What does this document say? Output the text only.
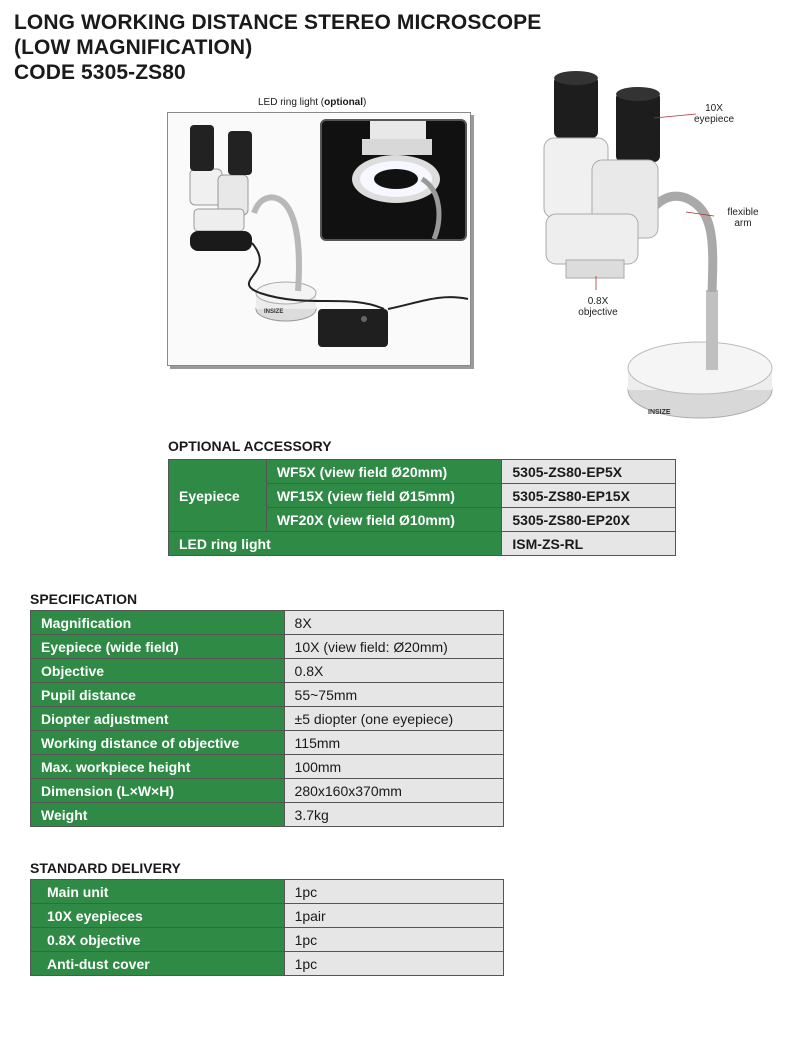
LONG WORKING DISTANCE STEREO MICROSCOPE
(LOW MAGNIFICATION)
CODE 5305-ZS80
LED ring light (optional)
INSIZE
INSIZE
10X
eyepiece
flexible
arm
0.8X
objective
OPTIONAL ACCESSORY
Eyepiece	WF5X (view field Ø20mm)	5305-ZS80-EP5X
	WF15X (view field Ø15mm)	5305-ZS80-EP15X
	WF20X (view field Ø10mm)	5305-ZS80-EP20X
LED ring light		ISM-ZS-RL
SPECIFICATION
Magnification	8X
Eyepiece (wide field)	10X (view field: Ø20mm)
Objective	0.8X
Pupil distance	55~75mm
Diopter adjustment	±5 diopter (one eyepiece)
Working distance of objective	115mm
Max. workpiece height	100mm
Dimension (L×W×H)	280x160x370mm
Weight	3.7kg
STANDARD DELIVERY
Main unit	1pc
10X eyepieces	1pair
0.8X objective	1pc
Anti-dust cover	1pc
